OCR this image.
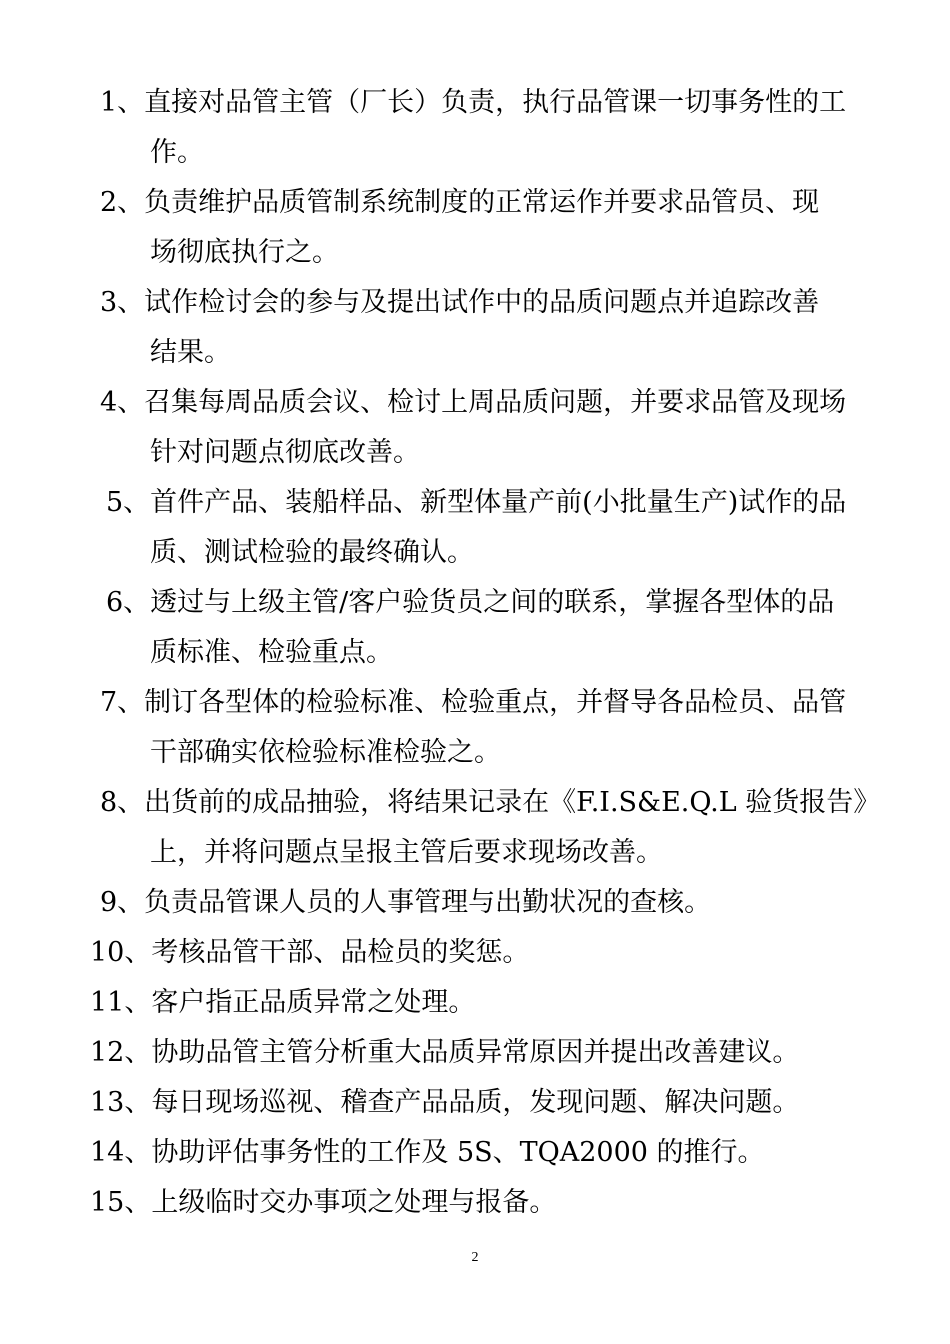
1、直接对品管主管（厂长）负责，执行品管课一切事务性的工
作。
2、负责维护品质管制系统制度的正常运作并要求品管员、现
场彻底执行之。
3、试作检讨会的参与及提出试作中的品质问题点并追踪改善
结果。
4、召集每周品质会议、检讨上周品质问题，并要求品管及现场
针对问题点彻底改善。
5、首件产品、装船样品、新型体量产前(小批量生产)试作的品
质、测试检验的最终确认。
6、透过与上级主管/客户验货员之间的联系，掌握各型体的品
质标准、检验重点。
7、制订各型体的检验标准、检验重点，并督导各品检员、品管
干部确实依检验标准检验之。
8、出货前的成品抽验，将结果记录在《F.I.S&E.Q.L 验货报告》
上，并将问题点呈报主管后要求现场改善。
9、负责品管课人员的人事管理与出勤状况的查核。
10、考核品管干部、品检员的奖惩。
11、客户指正品质异常之处理。
12、协助品管主管分析重大品质异常原因并提出改善建议。
13、每日现场巡视、稽查产品品质，发现问题、解决问题。
14、协助评估事务性的工作及 5S、TQA2000 的推行。
15、上级临时交办事项之处理与报备。
2
